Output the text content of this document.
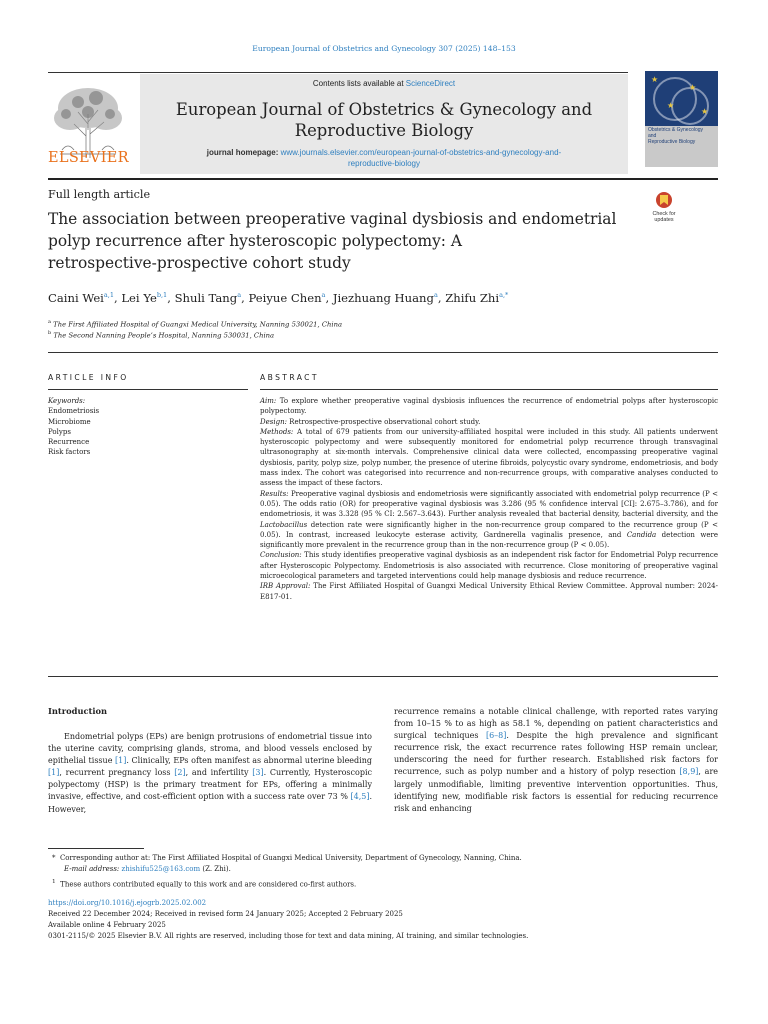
European Journal of Obstetrics and Gynecology 307 (2025) 148–153
ELSEVIER
Contents lists available at ScienceDirect
European Journal of Obstetrics & Gynecology and
Reproductive Biology
journal homepage: www.journals.elsevier.com/european-journal-of-obstetrics-and-gynecology-and-
reproductive-biology
★
★
★
★
Obstetrics & Gynecology
and
Reproductive Biology
Full length article
The association between preoperative vaginal dysbiosis and endometrial
polyp recurrence after hysteroscopic polypectomy: A
retrospective-prospective cohort study
Check for
updates
Caini Wei$^{a,1}$, Lei Ye$^{b,1}$, Shuli Tang$^a$, Peiyue Chen$^a$, Jiezhuang Huang$^a$, Zhifu Zhi$^{a,*}$
$^a$ The First Affiliated Hospital of Guangxi Medical University, Nanning 530021, China
$^b$ The Second Nanning People’s Hospital, Nanning 530031, China
ARTICLE INFO	ABSTRACT
Keywords:
Endometriosis
Microbiome
Polyps
Recurrence
Risk factors

Aim: To explore whether preoperative vaginal dysbiosis influences the recurrence of endometrial polyps after hysteroscopic polypectomy.

Design: Retrospective-prospective observational cohort study.

Methods: A total of 679 patients from our university-affiliated hospital were included in this study. All patients underwent hysteroscopic polypectomy and were subsequently monitored for endometrial polyp recurrence through transvaginal ultrasonography at six-month intervals. Comprehensive clinical data were collected, encompassing preoperative vaginal dysbiosis, parity, polyp size, polyp number, the presence of uterine fibroids, polycystic ovary syndrome, endometriosis, and body mass index. The cohort was categorised into recurrence and non-recurrence groups, with comparative analyses conducted to assess the impact of these factors.

Results: Preoperative vaginal dysbiosis and endometriosis were significantly associated with endometrial polyp recurrence (P < 0.05). The odds ratio (OR) for preoperative vaginal dysbiosis was 3.286 (95 % confidence interval [CI]: 2.675–3.786), and for endometriosis, it was 3.328 (95 % CI: 2.567–3.643). Further analysis revealed that bacterial density, bacterial diversity, and the Lactobacillus detection rate were significantly higher in the non-recurrence group compared to the recurrence group (P < 0.05). In contrast, increased leukocyte esterase activity, Gardnerella vaginalis presence, and Candida detection were significantly more prevalent in the recurrence group than in the non-recurrence group (P < 0.05).

Conclusion: This study identifies preoperative vaginal dysbiosis as an independent risk factor for Endometrial Polyp recurrence after Hysteroscopic Polypectomy. Endometriosis is also associated with recurrence. Close monitoring of preoperative vaginal microecological parameters and targeted interventions could help manage dysbiosis and reduce recurrence.

IRB Approval: The First Affiliated Hospital of Guangxi Medical University Ethical Review Committee. Approval number: 2024-E817-01.

Introduction

Endometrial polyps (EPs) are benign protrusions of endometrial tissue into the uterine cavity, comprising glands, stroma, and blood vessels enclosed by epithelial tissue [1]. Clinically, EPs often manifest as abnormal uterine bleeding [1], recurrent pregnancy loss [2], and infertility [3]. Currently, Hysteroscopic polypectomy (HSP) is the primary treatment for EPs, offering a minimally invasive, effective, and cost-efficient option with a success rate over 73 % [4,5]. However,

recurrence remains a notable clinical challenge, with reported rates varying from 10–15 % to as high as 58.1 %, depending on patient characteristics and surgical techniques [6–8]. Despite the high prevalence and significant recurrence risk, the exact recurrence rates following HSP remain unclear, underscoring the need for further research. Established risk factors for recurrence, such as polyp number and a history of polyp resection [8,9], are largely unmodifiable, limiting preventive intervention opportunities. Thus, identifying new, modifiable risk factors is essential for reducing recurrence risk and enhancing

* Corresponding author at: The First Affiliated Hospital of Guangxi Medical University, Department of Gynecology, Nanning, China.
E-mail address: zhishifu525@163.com (Z. Zhi).
$^1$ These authors contributed equally to this work and are considered co-first authors.
https://doi.org/10.1016/j.ejogrb.2025.02.002
Received 22 December 2024; Received in revised form 24 January 2025; Accepted 2 February 2025
Available online 4 February 2025
0301-2115/© 2025 Elsevier B.V. All rights are reserved, including those for text and data mining, AI training, and similar technologies.
